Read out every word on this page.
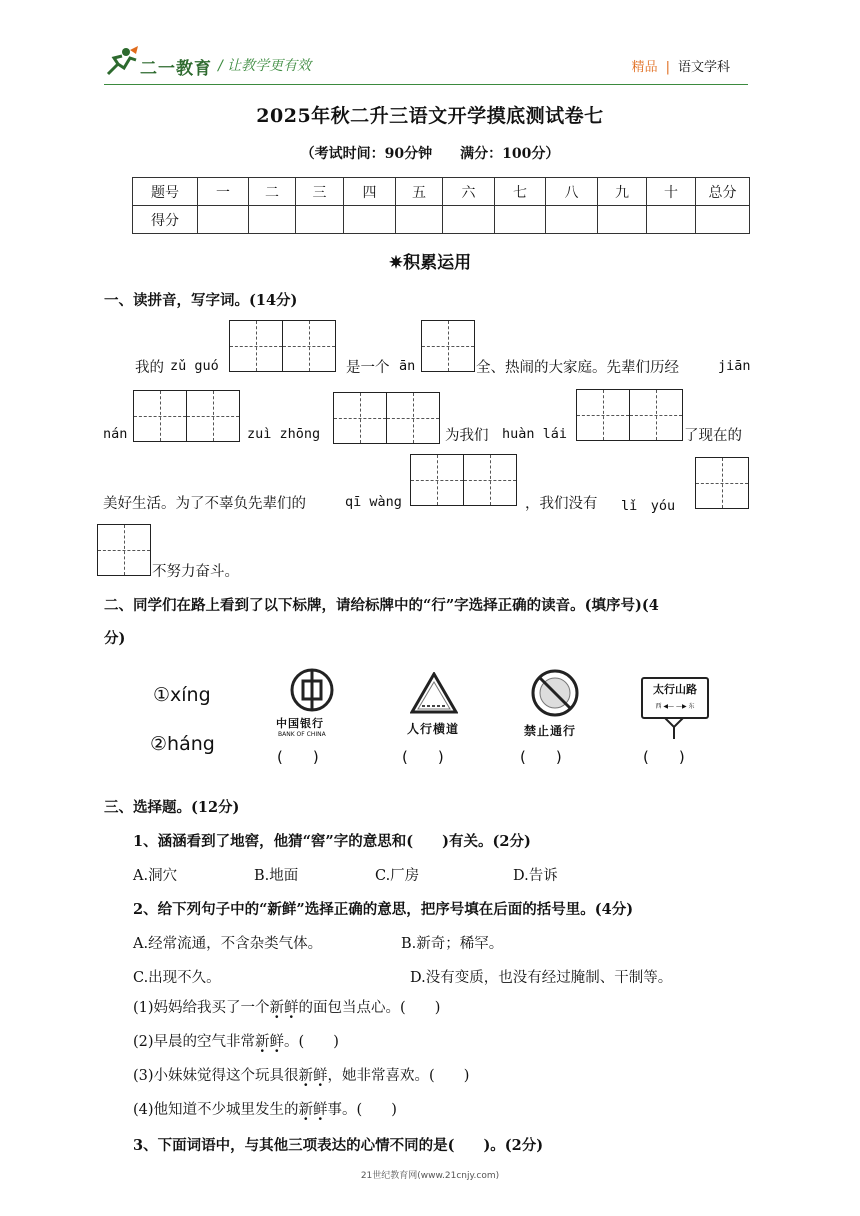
二一教育 / 让教学更有效	精品 | 语文学科
2025年秋二升三语文开学摸底测试卷七
（考试时间：90分钟　　满分：100分）
题号	一	二	三	四	五	六	七	八	九	十	总分
得分											
✷积累运用
一、读拼音，写字词。(14分)
我的 zǔ guó	是一个 ān	全、热闹的大家庭。先辈们历经	jiān
nán	zuì zhōng	为我们 huàn lái	了现在的
美好生活。为了不辜负先辈们的	qī wàng	，我们没有 lǐ　yóu
不努力奋斗。
二、同学们在路上看到了以下标牌，请给标牌中的“行”字选择正确的读音。(填序号)(4
分)
①xíng
②háng
中国银行
BANK OF CHINA
(　　)
人行横道
(　　)
禁止通行
(　　)
太行山路
西 ◀— —▶ 东
(　　)
三、选择题。(12分)
1、涵涵看到了地窖，他猜“窖”字的意思和(　　)有关。(2分)
A.洞穴	B.地面	C.厂房	D.告诉
2、给下列句子中的“新鲜”选择正确的意思，把序号填在后面的括号里。(4分)
A.经常流通，不含杂类气体。	B.新奇；稀罕。
C.出现不久。	D.没有变质，也没有经过腌制、干制等。
(1)妈妈给我买了一个新鲜的面包当点心。(　　)
(2)早晨的空气非常新鲜。(　　)
(3)小妹妹觉得这个玩具很新鲜，她非常喜欢。(　　)
(4)他知道不少城里发生的新鲜事。(　　)
3、下面词语中，与其他三项表达的心情不同的是(　　)。(2分)
21世纪教育网(www.21cnjy.com)
